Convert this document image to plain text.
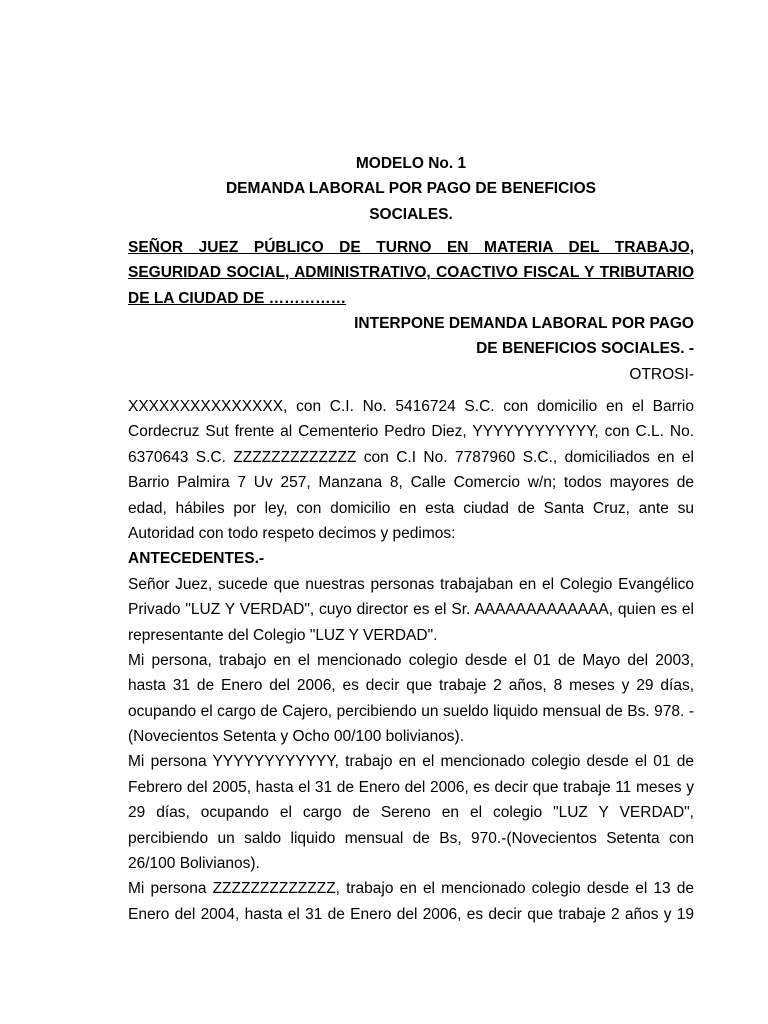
MODELO No. 1
DEMANDA LABORAL POR PAGO DE BENEFICIOS
SOCIALES.
SEÑOR JUEZ PÚBLICO DE TURNO EN MATERIA DEL TRABAJO,
SEGURIDAD SOCIAL, ADMINISTRATIVO, COACTIVO FISCAL Y TRIBUTARIO
DE LA CIUDAD DE ……………
INTERPONE DEMANDA LABORAL POR PAGO
DE BENEFICIOS SOCIALES. -
OTROSI-
XXXXXXXXXXXXXXX, con C.I. No. 5416724 S.C. con domicilio en el Barrio
Cordecruz Sut frente al Cementerio Pedro Diez, YYYYYYYYYYYY, con C.L. No.
6370643 S.C. ZZZZZZZZZZZZZ con C.I No. 7787960 S.C., domiciliados en el
Barrio Palmira 7 Uv 257, Manzana 8, Calle Comercio w/n; todos mayores de
edad, hábiles por ley, con domicilio en esta ciudad de Santa Cruz, ante su
Autoridad con todo respeto decimos y pedimos:
ANTECEDENTES.-
Señor Juez, sucede que nuestras personas trabajaban en el Colegio Evangélico
Privado "LUZ Y VERDAD", cuyo director es el Sr. AAAAAAAAAAAAA, quien es el
representante del Colegio "LUZ Y VERDAD".
Mi persona, trabajo en el mencionado colegio desde el 01 de Mayo del 2003,
hasta 31 de Enero del 2006, es decir que trabaje 2 años, 8 meses y 29 días,
ocupando el cargo de Cajero, percibiendo un sueldo liquido mensual de Bs. 978. -
(Novecientos Setenta y Ocho 00/100 bolivianos).
Mi persona YYYYYYYYYYYY, trabajo en el mencionado colegio desde el 01 de
Febrero del 2005, hasta el 31 de Enero del 2006, es decir que trabaje 11 meses y
29 días, ocupando el cargo de Sereno en el colegio "LUZ Y VERDAD",
percibiendo un saldo liquido mensual de Bs, 970.-(Novecientos Setenta con
26/100 Bolivianos).
Mi persona ZZZZZZZZZZZZZ, trabajo en el mencionado colegio desde el 13 de
Enero del 2004, hasta el 31 de Enero del 2006, es decir que trabaje 2 años y 19
